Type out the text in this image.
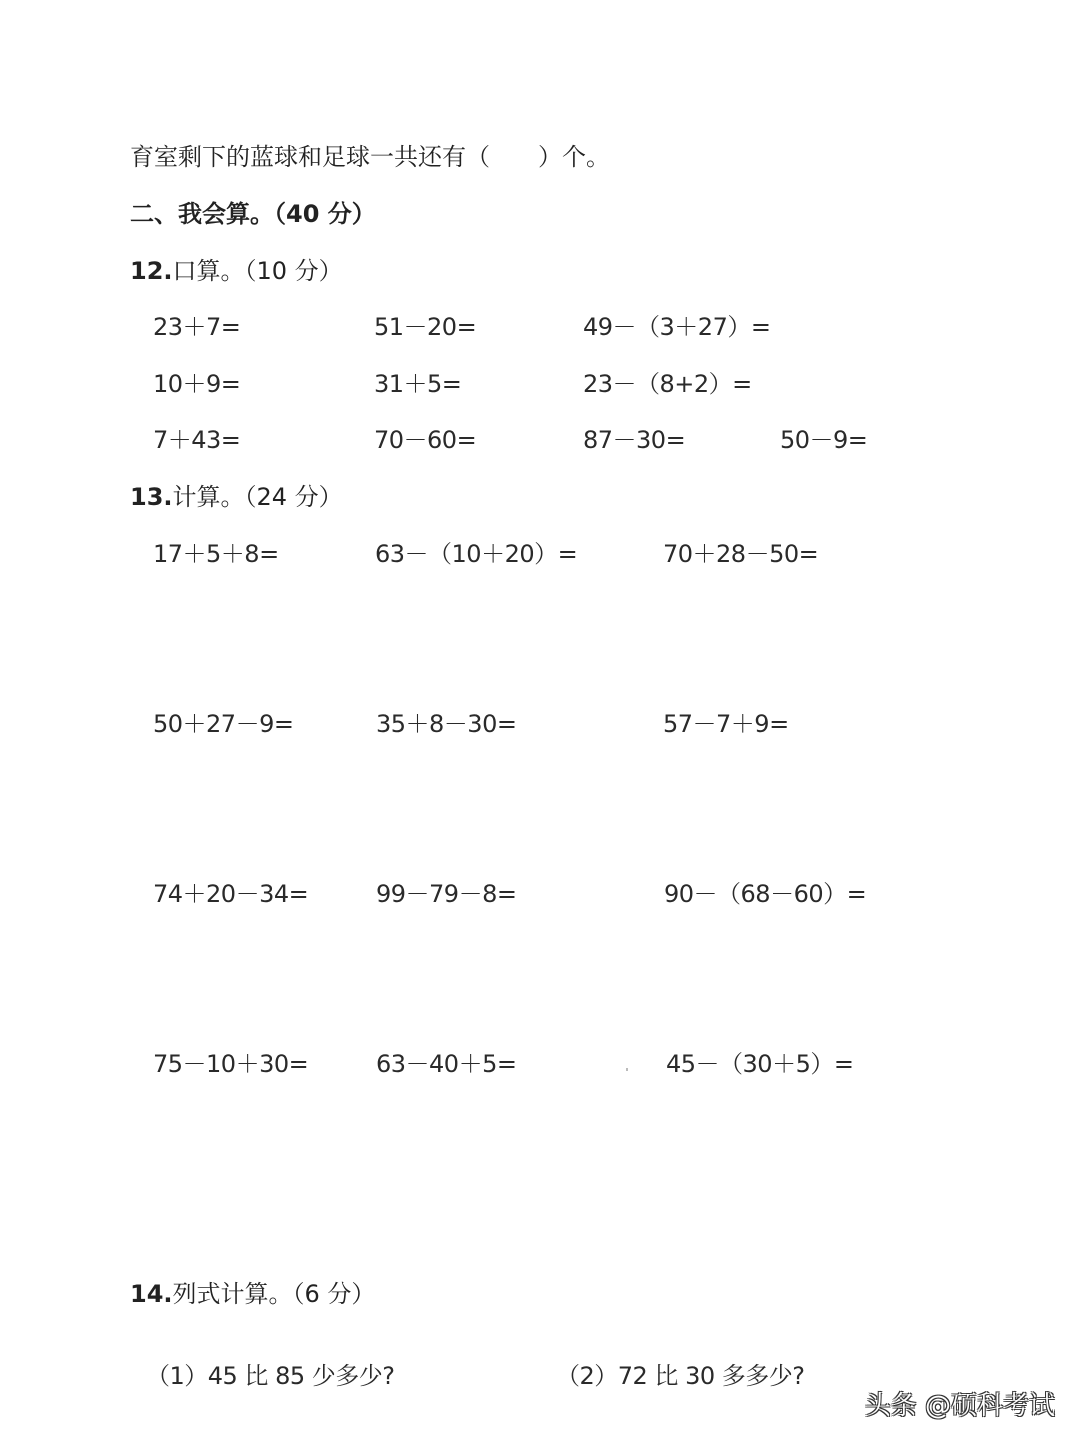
育室剩下的蓝球和足球一共还有（　　）个。
二、我会算。（40 分）
12.口算。（10 分）
23＋7=	51－20=	49－（3＋27）=
10＋9=	31＋5=	23－（8+2）=
7＋43=	70－60=	87－30=	50－9=
13.计算。（24 分）
17＋5＋8=	63－（10＋20）=	70＋28－50=
50＋27－9=	35＋8－30=	57－7＋9=
74＋20－34=	99－79－8=	90－（68－60）=
75－10＋30=	63－40＋5=	45－（30＋5）=
14.列式计算。（6 分）
（1）45 比 85 少多少?	（2）72 比 30 多多少?
头条 @硕科考试
